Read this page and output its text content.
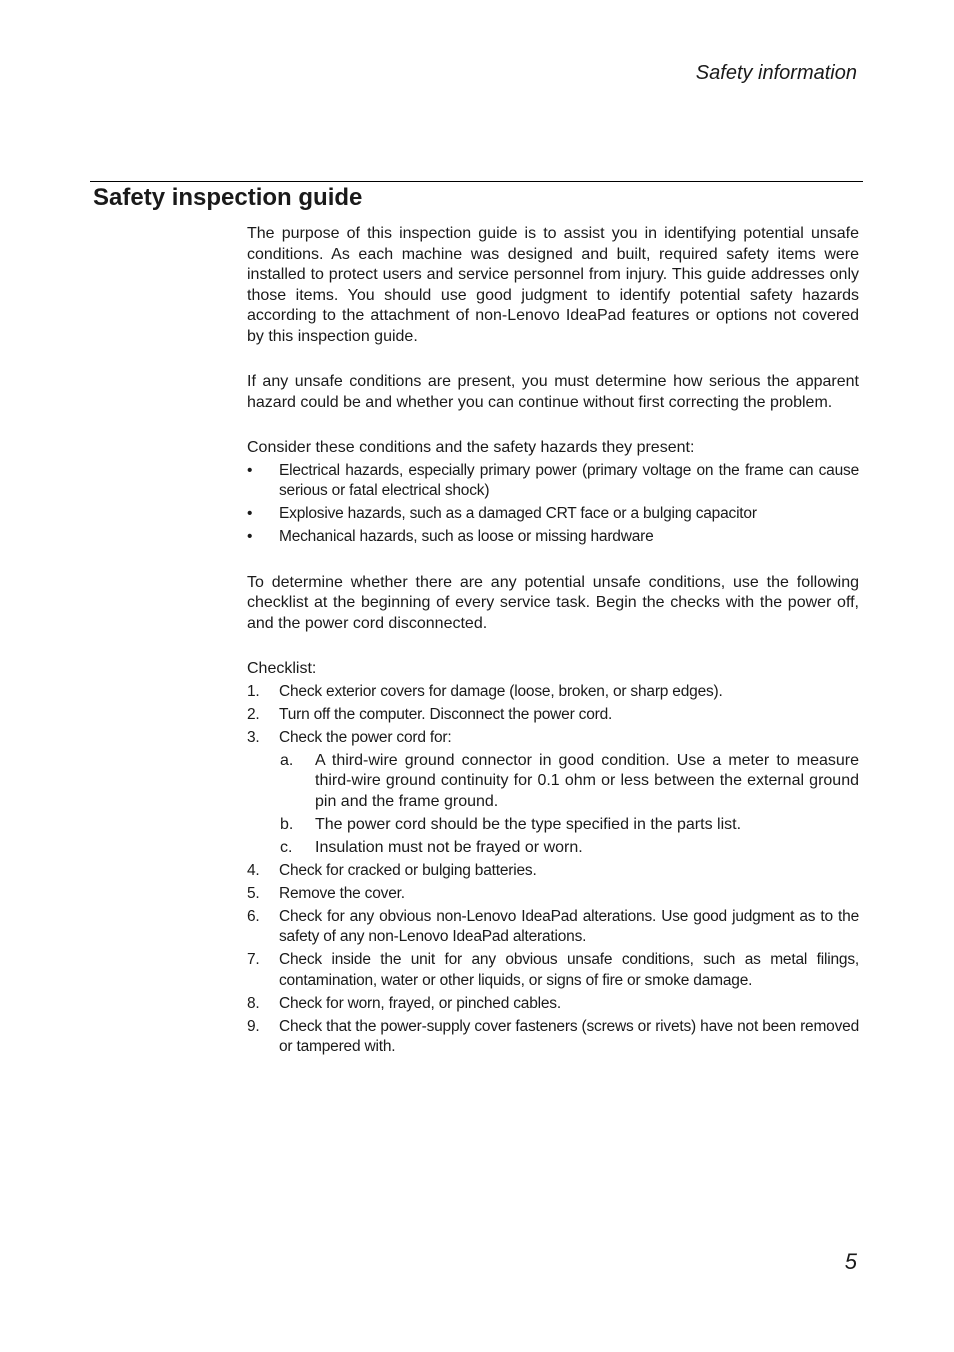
Safety information

Safety inspection guide

The purpose of this inspection guide is to assist you in identifying potential unsafe conditions. As each machine was designed and built, required safety items were installed to protect users and service personnel from injury. This guide addresses only those items. You should use good judgment to identify potential safety hazards according to the attachment of non-Lenovo IdeaPad features or options not covered by this inspection guide.

If any unsafe conditions are present, you must determine how serious the apparent hazard could be and whether you can continue without first correcting the problem.

Consider these conditions and the safety hazards they present:

• Electrical hazards, especially primary power (primary voltage on the frame can cause serious or fatal electrical shock)
• Explosive hazards, such as a damaged CRT face or a bulging capacitor
• Mechanical hazards, such as loose or missing hardware

To determine whether there are any potential unsafe conditions, use the following checklist at the beginning of every service task. Begin the checks with the power off, and the power cord disconnected.

Checklist:

1. Check exterior covers for damage (loose, broken, or sharp edges).
2. Turn off the computer. Disconnect the power cord.
3. Check the power cord for:
a. A third-wire ground connector in good condition. Use a meter to measure third-wire ground continuity for 0.1 ohm or less between the external ground pin and the frame ground.
b. The power cord should be the type specified in the parts list.
c. Insulation must not be frayed or worn.
4. Check for cracked or bulging batteries.
5. Remove the cover.
6. Check for any obvious non-Lenovo IdeaPad alterations. Use good judgment as to the safety of any non-Lenovo IdeaPad alterations.
7. Check inside the unit for any obvious unsafe conditions, such as metal filings, contamination, water or other liquids, or signs of fire or smoke damage.
8. Check for worn, frayed, or pinched cables.
9. Check that the power-supply cover fasteners (screws or rivets) have not been removed or tampered with.

5
